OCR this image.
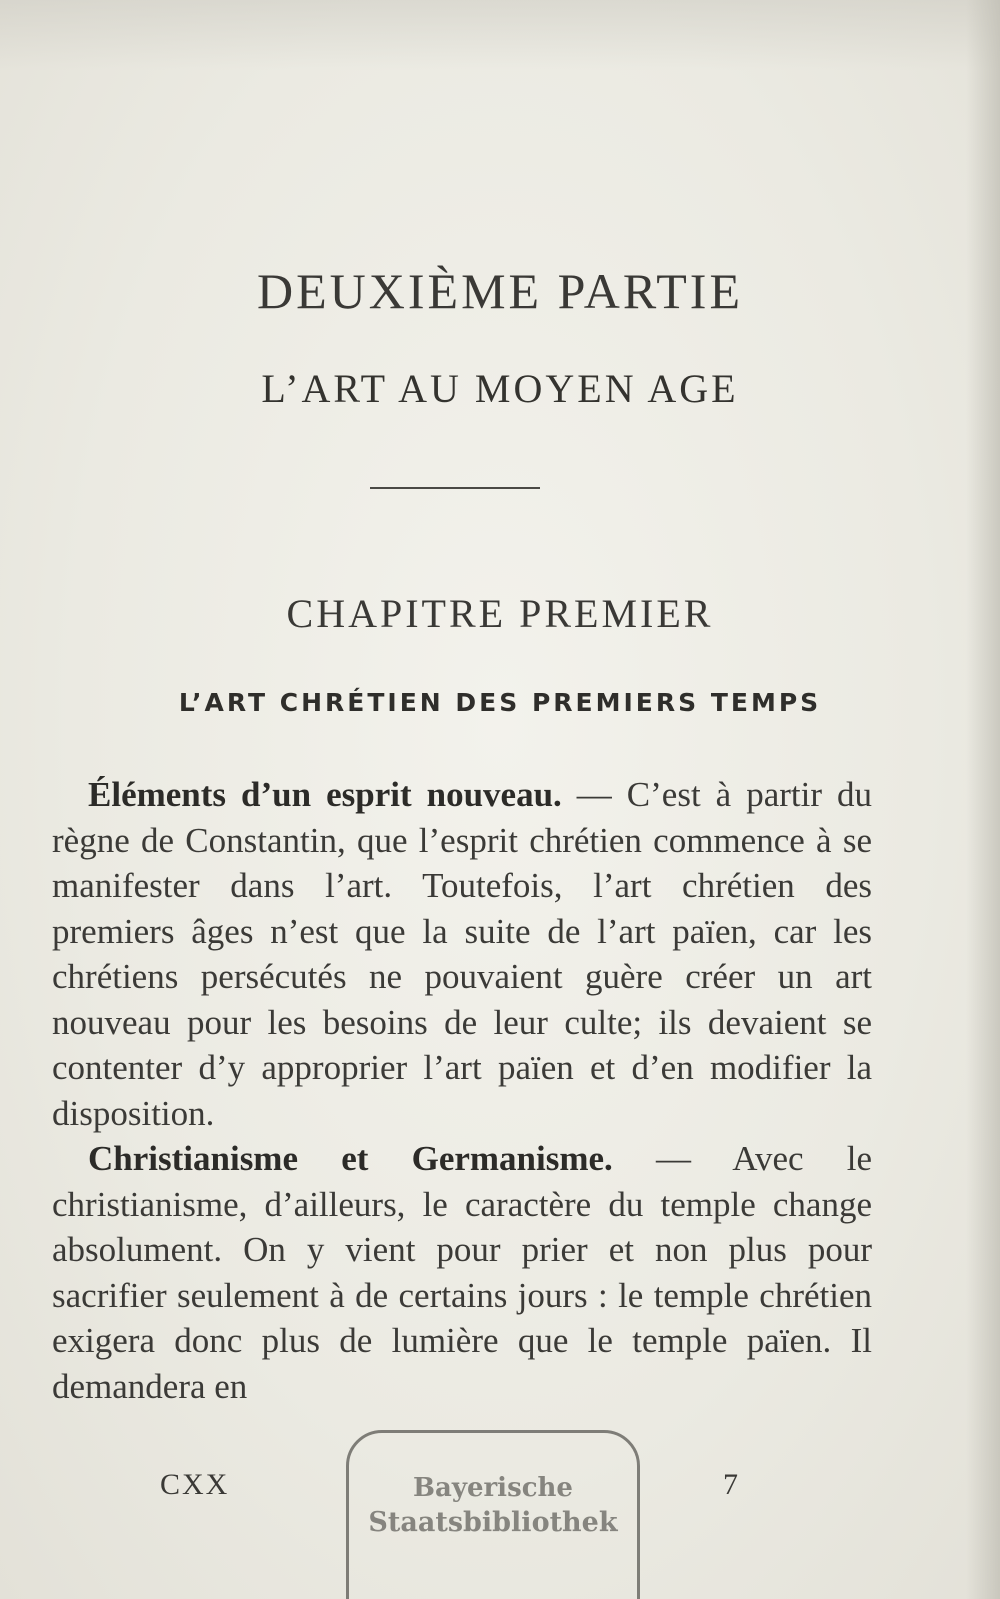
DEUXIÈME PARTIE
L’ART AU MOYEN AGE
CHAPITRE PREMIER
L’ART CHRÉTIEN DES PREMIERS TEMPS

Éléments d’un esprit nouveau. — C’est à partir du règne de Constantin, que l’esprit chrétien commence à se manifester dans l’art. Toutefois, l’art chrétien des premiers âges n’est que la suite de l’art païen, car les chrétiens persécutés ne pouvaient guère créer un art nouveau pour les besoins de leur culte; ils devaient se contenter d’y approprier l’art païen et d’en modifier la disposition.

Christianisme et Germanisme. — Avec le christianisme, d’ailleurs, le caractère du temple change absolument. On y vient pour prier et non plus pour sacrifier seulement à de certains jours : le temple chrétien exigera donc plus de lumière que le temple païen. Il demandera en

CXX	Bayerische
Staatsbibliothek
7
